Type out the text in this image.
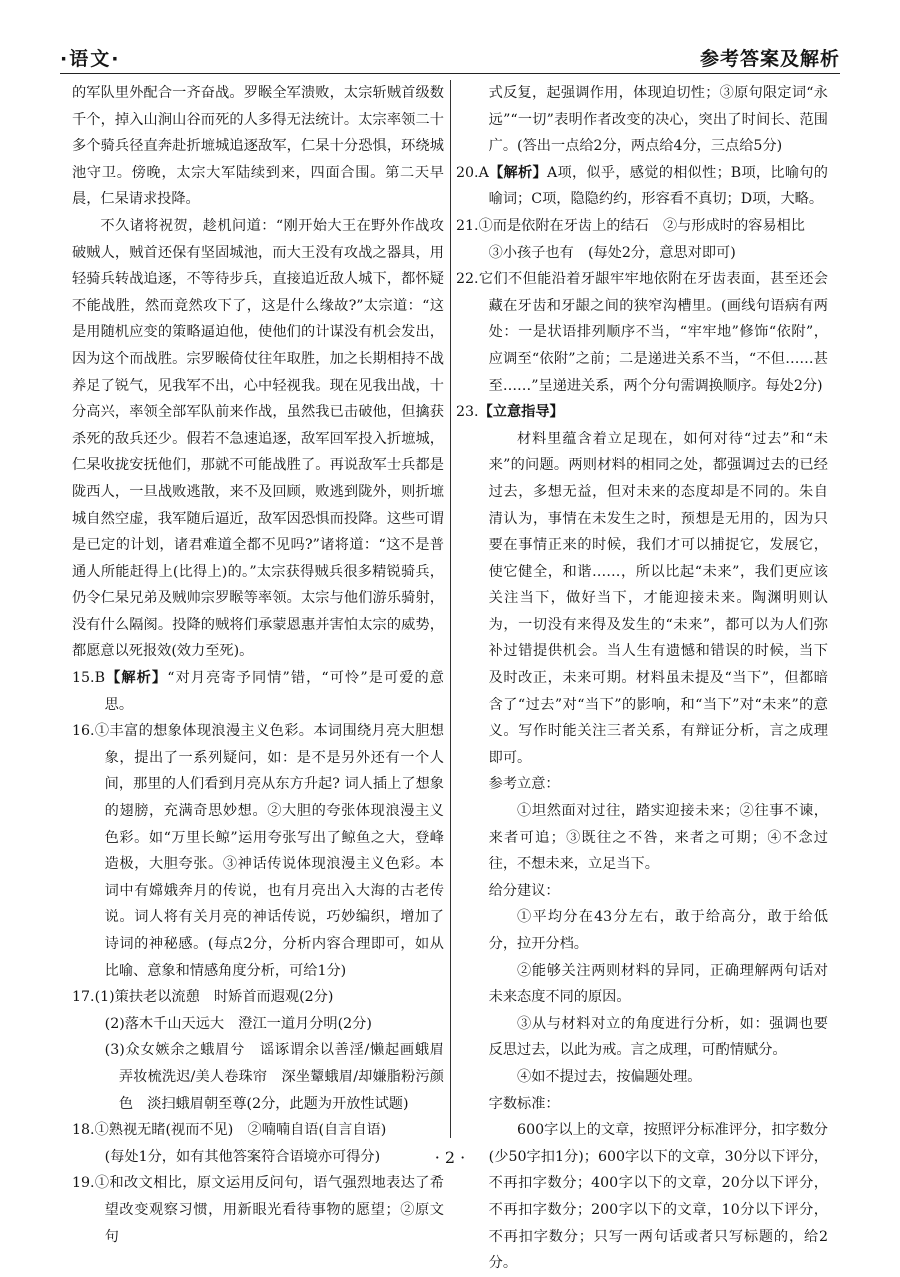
·语文·	参考答案及解析

的军队里外配合一齐奋战。罗睺全军溃败，太宗斩贼首级数千个，掉入山涧山谷而死的人多得无法统计。太宗率领二十多个骑兵径直奔赴折墌城追逐敌军，仁杲十分恐惧，环绕城池守卫。傍晚，太宗大军陆续到来，四面合围。第二天早晨，仁杲请求投降。

不久诸将祝贺，趁机问道：“刚开始大王在野外作战攻破贼人，贼首还保有坚固城池，而大王没有攻战之器具，用轻骑兵转战追逐，不等待步兵，直接追近敌人城下，都怀疑不能战胜，然而竟然攻下了，这是什么缘故?”太宗道：“这是用随机应变的策略逼迫他，使他们的计谋没有机会发出，因为这个而战胜。宗罗睺倚仗往年取胜，加之长期相持不战养足了锐气，见我军不出，心中轻视我。现在见我出战，十分高兴，率领全部军队前来作战，虽然我已击破他，但擒获杀死的敌兵还少。假若不急速追逐，敌军回军投入折墌城，仁杲收拢安抚他们，那就不可能战胜了。再说敌军士兵都是陇西人，一旦战败逃散，来不及回顾，败逃到陇外，则折墌城自然空虚，我军随后逼近，敌军因恐惧而投降。这些可谓是已定的计划，诸君难道全都不见吗?”诸将道：“这不是普通人所能赶得上(比得上)的。”太宗获得贼兵很多精锐骑兵，仍令仁杲兄弟及贼帅宗罗睺等率领。太宗与他们游乐骑射，没有什么隔阂。投降的贼将们承蒙恩惠并害怕太宗的威势，都愿意以死报效(效力至死)。

15.B【解析】“对月亮寄予同情”错，“可怜”是可爱的意思。

16.①丰富的想象体现浪漫主义色彩。本词围绕月亮大胆想象，提出了一系列疑问，如：是不是另外还有一个人间，那里的人们看到月亮从东方升起? 词人插上了想象的翅膀，充满奇思妙想。②大胆的夸张体现浪漫主义色彩。如“万里长鲸”运用夸张写出了鲸鱼之大，登峰造极，大胆夸张。③神话传说体现浪漫主义色彩。本词中有嫦娥奔月的传说，也有月亮出入大海的古老传说。词人将有关月亮的神话传说，巧妙编织，增加了诗词的神秘感。(每点2分，分析内容合理即可，如从比喻、意象和情感角度分析，可给1分)

17.(1)策扶老以流憩　时矫首而遐观(2分)

(2)落木千山天远大　澄江一道月分明(2分)

(3)众女嫉余之蛾眉兮　谣诼谓余以善淫/懒起画蛾眉　弄妆梳洗迟/美人卷珠帘　深坐颦蛾眉/却嫌脂粉污颜色　淡扫蛾眉朝至尊(2分，此题为开放性试题)

18.①熟视无睹(视而不见)　②喃喃自语(自言自语)

(每处1分，如有其他答案符合语境亦可得分)

19.①和改文相比，原文运用反问句，语气强烈地表达了希望改变观察习惯，用新眼光看待事物的愿望；②原文句

式反复，起强调作用，体现迫切性；③原句限定词“永远”“一切”表明作者改变的决心，突出了时间长、范围广。(答出一点给2分，两点给4分，三点给5分)

20.A【解析】A项，似乎，感觉的相似性；B项，比喻句的喻词；C项，隐隐约约，形容看不真切；D项，大略。

21.①而是依附在牙齿上的结石　②与形成时的容易相比

③小孩子也有　(每处2分，意思对即可)

22.它们不但能沿着牙龈牢牢地依附在牙齿表面，甚至还会藏在牙齿和牙龈之间的狭窄沟槽里。(画线句语病有两处：一是状语排列顺序不当，“牢牢地”修饰“依附”，应调至“依附”之前；二是递进关系不当，“不但……甚至……”呈递进关系，两个分句需调换顺序。每处2分)

23.【立意指导】

材料里蕴含着立足现在，如何对待“过去”和“未来”的问题。两则材料的相同之处，都强调过去的已经过去，多想无益，但对未来的态度却是不同的。朱自清认为，事情在未发生之时，预想是无用的，因为只要在事情正来的时候，我们才可以捕捉它，发展它，使它健全，和谐……，所以比起“未来”，我们更应该关注当下，做好当下，才能迎接未来。陶渊明则认为，一切没有来得及发生的“未来”，都可以为人们弥补过错提供机会。当人生有遗憾和错误的时候，当下及时改正，未来可期。材料虽未提及“当下”，但都暗含了“过去”对“当下”的影响，和“当下”对“未来”的意义。写作时能关注三者关系，有辩证分析，言之成理即可。

参考立意：

①坦然面对过往，踏实迎接未来；②往事不谏，来者可追；③既往之不咎，来者之可期；④不念过往，不想未来，立足当下。

给分建议：

①平均分在43分左右，敢于给高分，敢于给低分，拉开分档。

②能够关注两则材料的异同，正确理解两句话对未来态度不同的原因。

③从与材料对立的角度进行分析，如：强调也要反思过去，以此为戒。言之成理，可酌情赋分。

④如不提过去，按偏题处理。

字数标准：

600字以上的文章，按照评分标准评分，扣字数分(少50字扣1分)；600字以下的文章，30分以下评分，不再扣字数分；400字以下的文章，20分以下评分，不再扣字数分；200字以下的文章，10分以下评分，不再扣字数分；只写一两句话或者只写标题的，给2分。

· 2 ·
